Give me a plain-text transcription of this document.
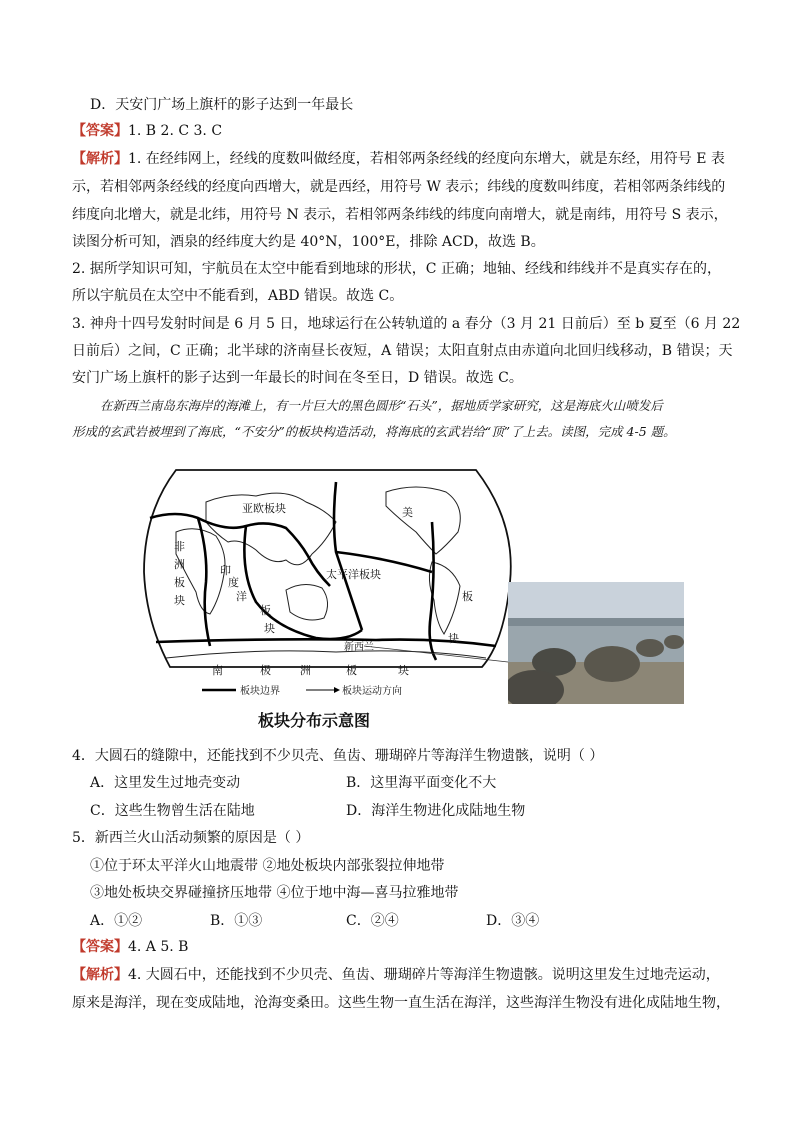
D．天安门广场上旗杆的影子达到一年最长
【答案】1. B 2. C 3. C
【解析】1. 在经纬网上，经线的度数叫做经度，若相邻两条经线的经度向东增大，就是东经，用符号 E 表
示，若相邻两条经线的经度向西增大，就是西经，用符号 W 表示；纬线的度数叫纬度，若相邻两条纬线的
纬度向北增大，就是北纬，用符号 N 表示，若相邻两条纬线的纬度向南增大，就是南纬，用符号 S 表示，
读图分析可知，酒泉的经纬度大约是 40°N，100°E，排除 ACD，故选 B。
2. 据所学知识可知，宇航员在太空中能看到地球的形状，C 正确；地轴、经线和纬线并不是真实存在的，
所以宇航员在太空中不能看到，ABD 错误。故选 C。
3. 神舟十四号发射时间是 6 月 5 日，地球运行在公转轨道的 a 春分（3 月 21 日前后）至 b 夏至（6 月 22
日前后）之间，C 正确；北半球的济南昼长夜短，A 错误；太阳直射点由赤道向北回归线移动，B 错误；天
安门广场上旗杆的影子达到一年最长的时间在冬至日，D 错误。故选 C。
在新西兰南岛东海岸的海滩上，有一片巨大的黑色圆形“石头”，据地质学家研究，这是海底火山喷发后
形成的玄武岩被埋到了海底，“不安分”的板块构造活动，将海底的玄武岩给“顶”了上去。读图，完成 4-5 题。
亚欧板块	美
非
洲
板
块
印
度
洋
板
块
太平洋板块
板
块
新西兰
南	极	洲	板	块
板块边界	板块运动方向
板块分布示意图
4．大圆石的缝隙中，还能找到不少贝壳、鱼齿、珊瑚碎片等海洋生物遗骸，说明（ ）
A．这里发生过地壳变动	B．这里海平面变化不大
C．这些生物曾生活在陆地	D．海洋生物进化成陆地生物
5．新西兰火山活动频繁的原因是（ ）
①位于环太平洋火山地震带 ②地处板块内部张裂拉伸地带
③地处板块交界碰撞挤压地带 ④位于地中海—喜马拉雅地带
A．①②	B．①③	C．②④	D．③④
【答案】4. A 5. B
【解析】4. 大圆石中，还能找到不少贝壳、鱼齿、珊瑚碎片等海洋生物遗骸。说明这里发生过地壳运动，
原来是海洋，现在变成陆地，沧海变桑田。这些生物一直生活在海洋，这些海洋生物没有进化成陆地生物，
